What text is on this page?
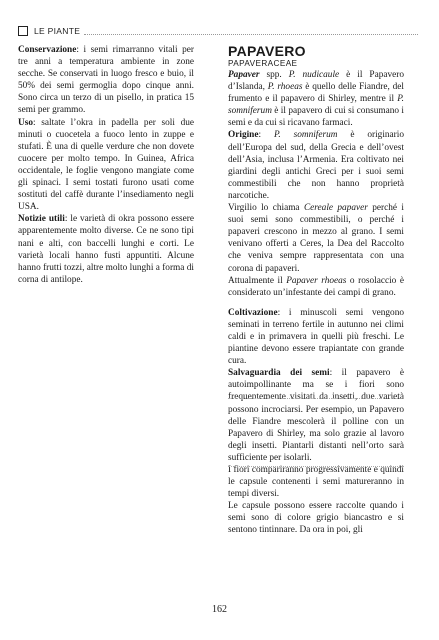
LE PIANTE

Conservazione: i semi rimarranno vitali per tre anni a temperatura ambiente in zone secche. Se conservati in luogo fresco e buio, il 50% dei semi germoglia dopo cinque anni. Sono circa un terzo di un pisello, in pratica 15 semi per grammo.

Uso: saltate l’okra in padella per soli due minuti o cuocetela a fuoco lento in zuppe e stufati. È una di quelle verdure che non dovete cuocere per molto tempo. In Guinea, Africa occidentale, le foglie vengono mangiate come gli spinaci. I semi tostati furono usati come sostituti del caffè durante l’insediamento negli USA.

Notizie utili: le varietà di okra possono essere apparentemente molto diverse. Ce ne sono tipi nani e alti, con baccelli lunghi e corti. Le varietà locali hanno fusti appuntiti. Alcune hanno frutti tozzi, altre molto lunghi a forma di corna di antilope.

PAPAVERO

PAPAVERACEAE

Papaver spp. P. nudicaule è il Papavero d’Islanda, P. rhoeas è quello delle Fiandre, del frumento e il papavero di Shirley, mentre il P. somniferum è il papavero di cui si consumano i semi e da cui si ricavano farmaci.

Origine: P. somniferum è originario dell’Europa del sud, della Grecia e dell’ovest dell’Asia, inclusa l’Armenia. Era coltivato nei giardini degli antichi Greci per i suoi semi commestibili che non hanno proprietà narcotiche.

Virgilio lo chiama Cereale papaver perché i suoi semi sono commestibili, o perché i papaveri crescono in mezzo al grano. I semi venivano offerti a Ceres, la Dea del Raccolto che veniva sempre rappresentata con una corona di papaveri.

Attualmente il Papaver rhoeas o rosolaccio è considerato un’infestante dei campi di grano.

Coltivazione: i minuscoli semi vengono seminati in terreno fertile in autunno nei climi caldi e in primavera in quelli più freschi. Le piantine devono essere trapiantate con grande cura.

Salvaguardia dei semi: il papavero è autoimpollinante ma se i fiori sono frequentemente visitati da insetti, due varietà possono incrociarsi. Per esempio, un Papavero delle Fiandre mescolerà il polline con un Papavero di Shirley, ma solo grazie al lavoro degli insetti. Piantarli distanti nell’orto sarà sufficiente per isolarli.

I fiori compariranno progressivamente e quindi le capsule contenenti i semi matureranno in tempi diversi.

Le capsule possono essere raccolte quando i semi sono di colore grigio biancastro e si sentono tintinnare. Da ora in poi, gli

162
